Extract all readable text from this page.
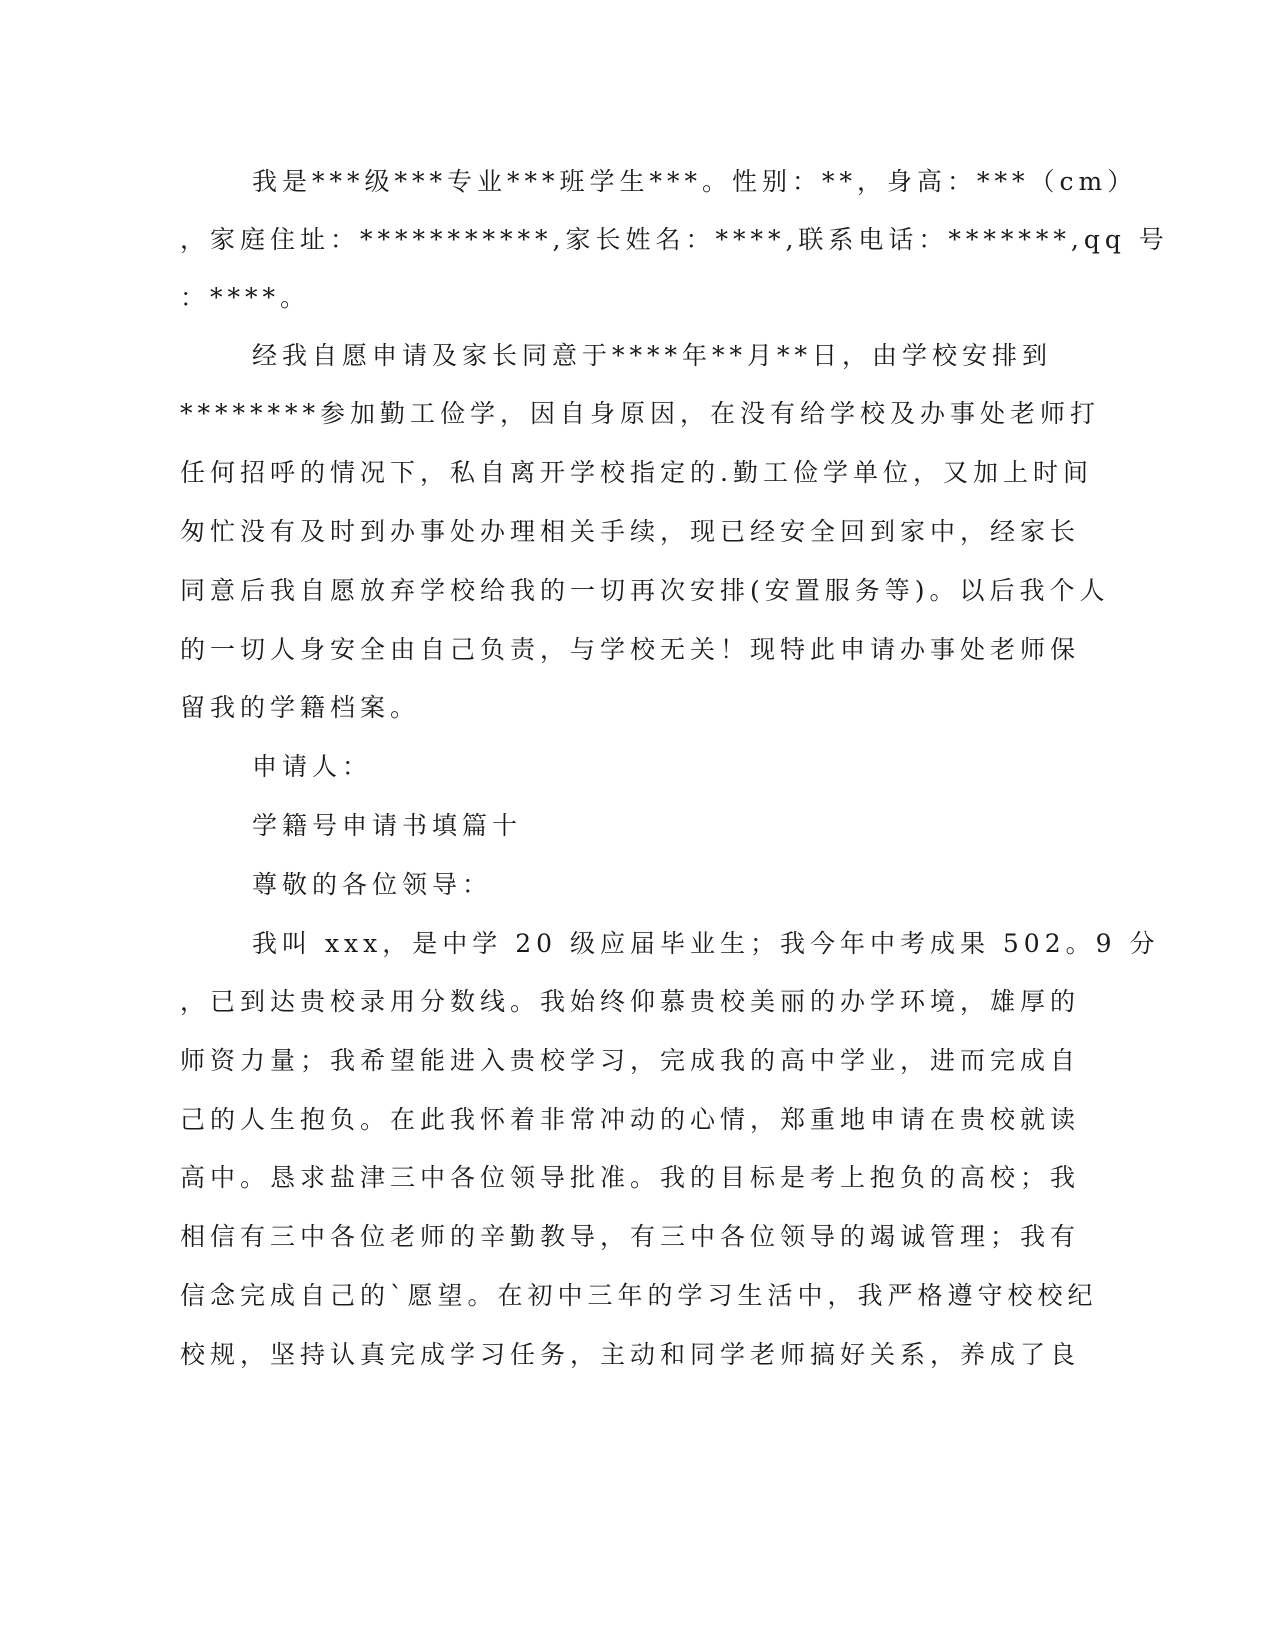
我是***级***专业***班学生***。性别：**，身高：***（cm）
，家庭住址：***********,家长姓名：****,联系电话：*******,qq 号
：****。
经我自愿申请及家长同意于****年**月**日，由学校安排到
********参加勤工俭学，因自身原因，在没有给学校及办事处老师打
任何招呼的情况下，私自离开学校指定的.勤工俭学单位，又加上时间
匆忙没有及时到办事处办理相关手续，现已经安全回到家中，经家长
同意后我自愿放弃学校给我的一切再次安排(安置服务等)。以后我个人
的一切人身安全由自己负责，与学校无关！现特此申请办事处老师保
留我的学籍档案。
申请人：
学籍号申请书填篇十
尊敬的各位领导：
我叫 xxx，是中学 20 级应届毕业生；我今年中考成果 502。9 分
，已到达贵校录用分数线。我始终仰慕贵校美丽的办学环境，雄厚的
师资力量；我希望能进入贵校学习，完成我的高中学业，进而完成自
己的人生抱负。在此我怀着非常冲动的心情，郑重地申请在贵校就读
高中。恳求盐津三中各位领导批准。我的目标是考上抱负的高校；我
相信有三中各位老师的辛勤教导，有三中各位领导的竭诚管理；我有
信念完成自己的`愿望。在初中三年的学习生活中，我严格遵守校校纪
校规，坚持认真完成学习任务，主动和同学老师搞好关系，养成了良
